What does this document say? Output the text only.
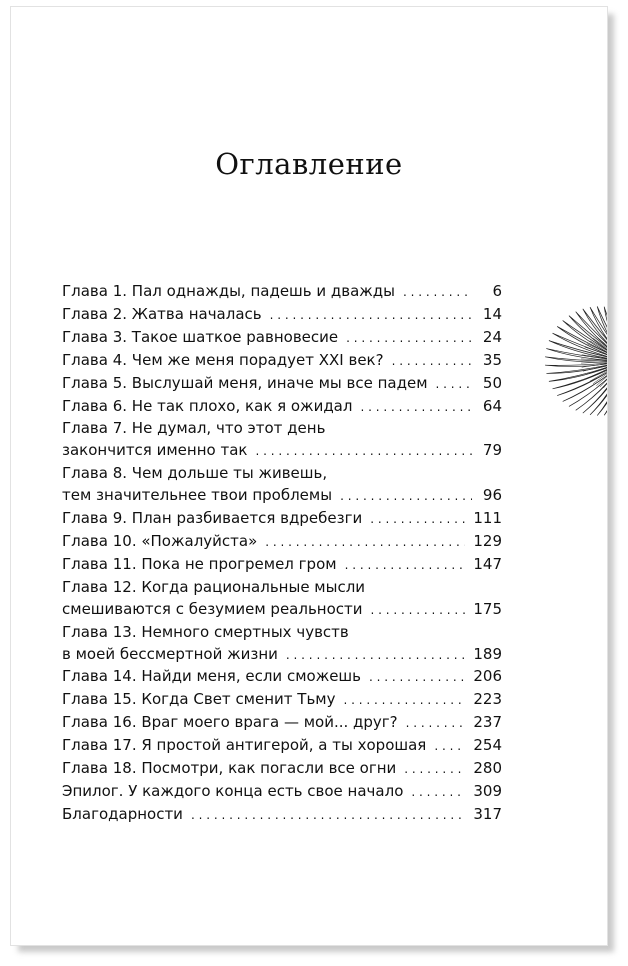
Оглавление
Глава 1. Пал однажды, падешь и дважды . . .	6
Глава 2. Жатва началась . . .	14
Глава 3. Такое шаткое равновесие . . .	24
Глава 4. Чем же меня порадует XXI век? . . .	35
Глава 5. Выслушай меня, иначе мы все падем . . .	50
Глава 6. Не так плохо, как я ожидал . . .	64
Глава 7. Не думал, что этот день
закончится именно так . . .	79
Глава 8. Чем дольше ты живешь,
тем значительнее твои проблемы . . .	96
Глава 9. План разбивается вдребезги . . .	111
Глава 10. «Пожалуйста» . . .	129
Глава 11. Пока не прогремел гром . . .	147
Глава 12. Когда рациональные мысли
смешиваются с безумием реальности . . .	175
Глава 13. Немного смертных чувств
в моей бессмертной жизни . . .	189
Глава 14. Найди меня, если сможешь . . .	206
Глава 15. Когда Свет сменит Тьму . . .	223
Глава 16. Враг моего врага — мой... друг? . . .	237
Глава 17. Я простой антигерой, а ты хорошая . . .	254
Глава 18. Посмотри, как погасли все огни . . .	280
Эпилог. У каждого конца есть свое начало . . .	309
Благодарности . . .	317
